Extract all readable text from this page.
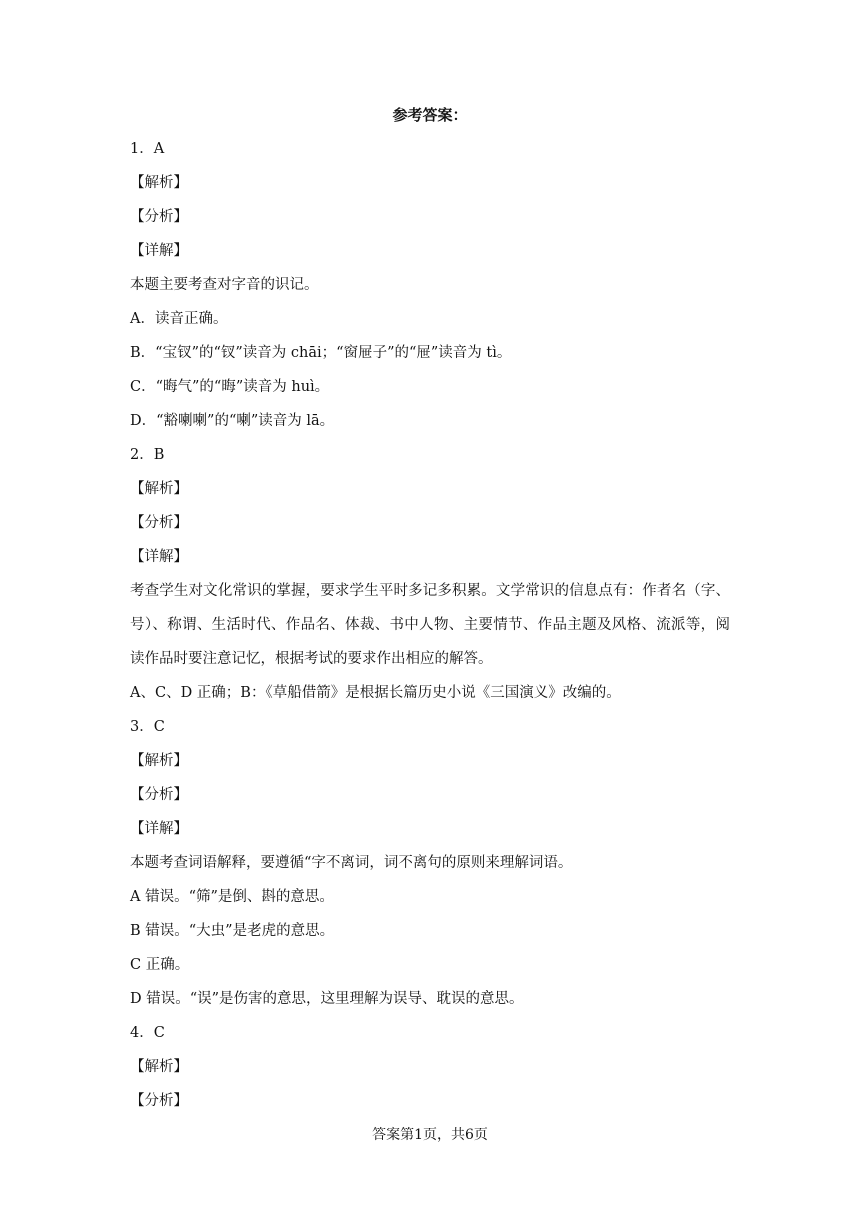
参考答案：
1．A
【解析】
【分析】
【详解】
本题主要考查对字音的识记。
A．读音正确。
B．“宝钗”的“钗”读音为 chāi；“窗屉子”的“屉”读音为 tì。
C．“晦气”的“晦”读音为 huì。
D．“豁喇喇”的“喇”读音为 lā。
2．B
【解析】
【分析】
【详解】
考查学生对文化常识的掌握，要求学生平时多记多积累。文学常识的信息点有：作者名（字、号）、称谓、生活时代、作品名、体裁、书中人物、主要情节、作品主题及风格、流派等，阅读作品时要注意记忆，根据考试的要求作出相应的解答。
A、C、D 正确；B：《草船借箭》是根据长篇历史小说《三国演义》改编的。
3．C
【解析】
【分析】
【详解】
本题考查词语解释，要遵循“字不离词，词不离句的原则来理解词语。
A 错误。“筛”是倒、斟的意思。
B 错误。“大虫”是老虎的意思。
C 正确。
D 错误。“误”是伤害的意思，这里理解为误导、耽误的意思。
4．C
【解析】
【分析】
答案第1页，共6页
